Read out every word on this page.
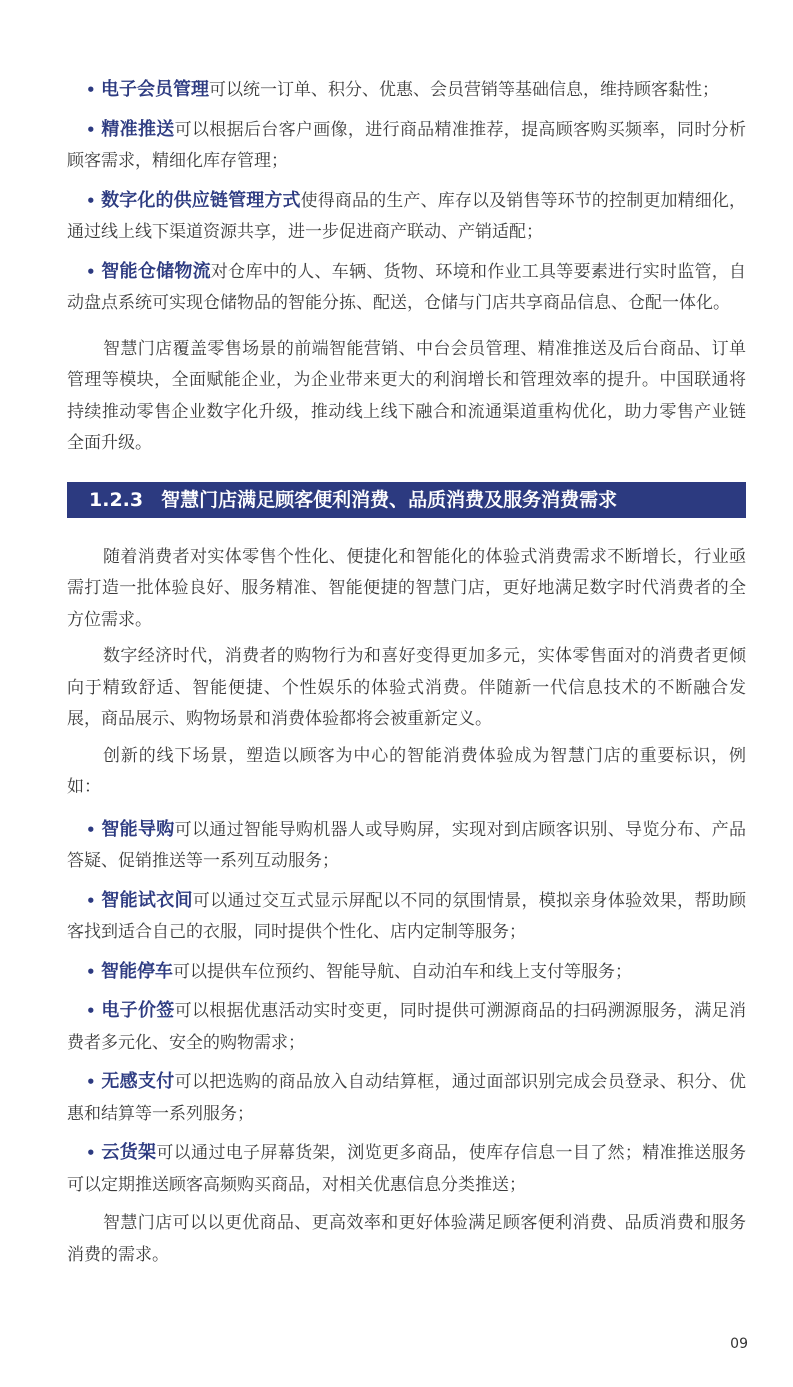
• 电子会员管理可以统一订单、积分、优惠、会员营销等基础信息，维持顾客黏性；

• 精准推送可以根据后台客户画像，进行商品精准推荐，提高顾客购买频率，同时分析顾客需求，精细化库存管理；

• 数字化的供应链管理方式使得商品的生产、库存以及销售等环节的控制更加精细化，通过线上线下渠道资源共享，进一步促进商产联动、产销适配；

• 智能仓储物流对仓库中的人、车辆、货物、环境和作业工具等要素进行实时监管，自动盘点系统可实现仓储物品的智能分拣、配送，仓储与门店共享商品信息、仓配一体化。

智慧门店覆盖零售场景的前端智能营销、中台会员管理、精准推送及后台商品、订单管理等模块，全面赋能企业，为企业带来更大的利润增长和管理效率的提升。中国联通将持续推动零售企业数字化升级，推动线上线下融合和流通渠道重构优化，助力零售产业链全面升级。

1.2.3 智慧门店满足顾客便利消费、品质消费及服务消费需求

随着消费者对实体零售个性化、便捷化和智能化的体验式消费需求不断增长，行业亟需打造一批体验良好、服务精准、智能便捷的智慧门店，更好地满足数字时代消费者的全方位需求。

数字经济时代，消费者的购物行为和喜好变得更加多元，实体零售面对的消费者更倾向于精致舒适、智能便捷、个性娱乐的体验式消费。伴随新一代信息技术的不断融合发展，商品展示、购物场景和消费体验都将会被重新定义。

创新的线下场景，塑造以顾客为中心的智能消费体验成为智慧门店的重要标识，例如：

• 智能导购可以通过智能导购机器人或导购屏，实现对到店顾客识别、导览分布、产品答疑、促销推送等一系列互动服务；

• 智能试衣间可以通过交互式显示屏配以不同的氛围情景，模拟亲身体验效果，帮助顾客找到适合自己的衣服，同时提供个性化、店内定制等服务；

• 智能停车可以提供车位预约、智能导航、自动泊车和线上支付等服务；

• 电子价签可以根据优惠活动实时变更，同时提供可溯源商品的扫码溯源服务，满足消费者多元化、安全的购物需求；

• 无感支付可以把选购的商品放入自动结算框，通过面部识别完成会员登录、积分、优惠和结算等一系列服务；

• 云货架可以通过电子屏幕货架，浏览更多商品，使库存信息一目了然；精准推送服务可以定期推送顾客高频购买商品，对相关优惠信息分类推送；

智慧门店可以以更优商品、更高效率和更好体验满足顾客便利消费、品质消费和服务消费的需求。

09
